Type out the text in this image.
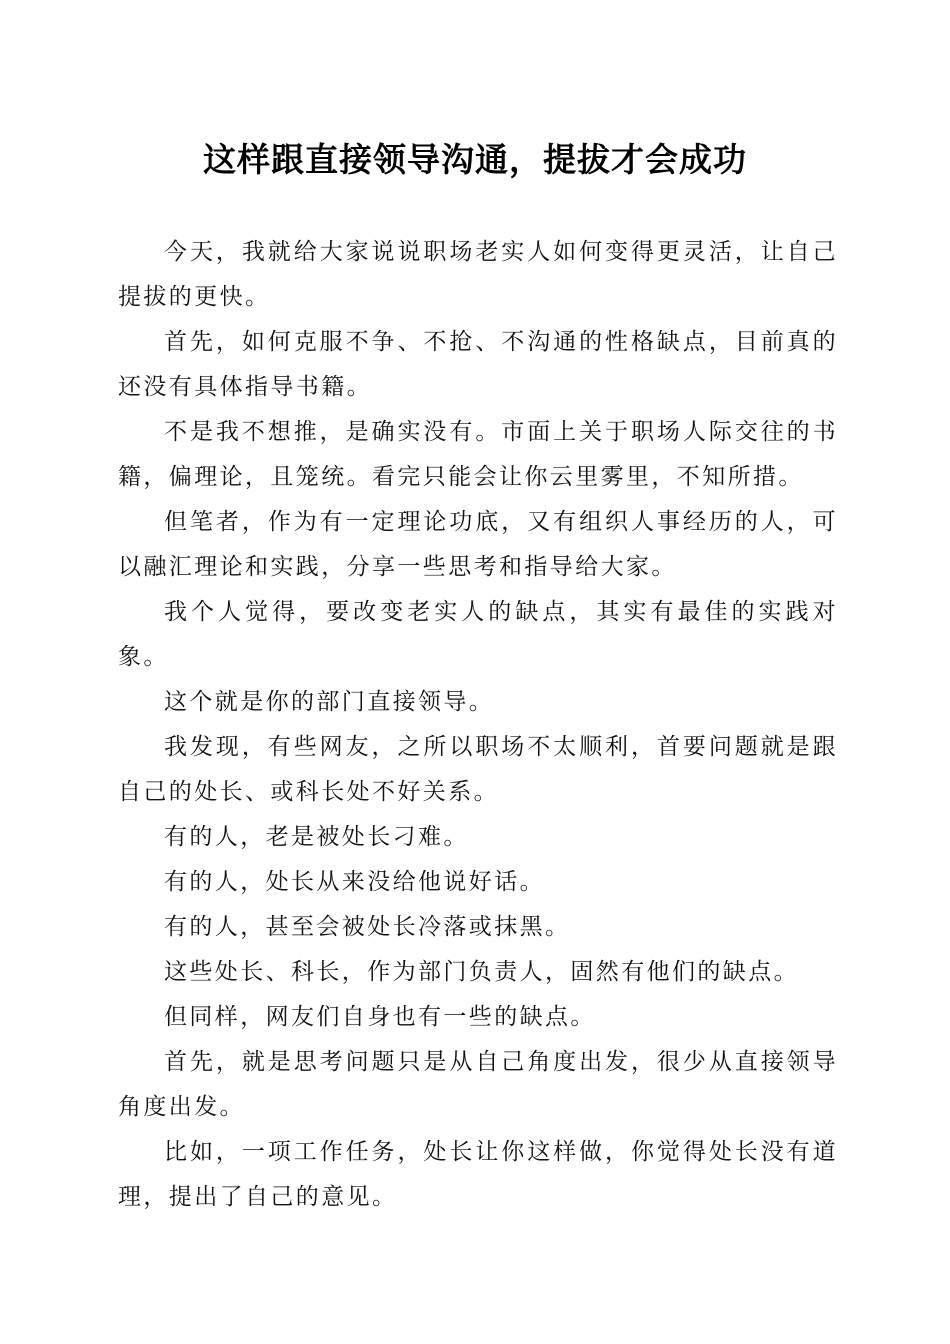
这样跟直接领导沟通，提拔才会成功

今天，我就给大家说说职场老实人如何变得更灵活，让自己提拔的更快。

首先，如何克服不争、不抢、不沟通的性格缺点，目前真的还没有具体指导书籍。

不是我不想推，是确实没有。市面上关于职场人际交往的书籍，偏理论，且笼统。看完只能会让你云里雾里，不知所措。

但笔者，作为有一定理论功底，又有组织人事经历的人，可以融汇理论和实践，分享一些思考和指导给大家。

我个人觉得，要改变老实人的缺点，其实有最佳的实践对象。

这个就是你的部门直接领导。

我发现，有些网友，之所以职场不太顺利，首要问题就是跟自己的处长、或科长处不好关系。

有的人，老是被处长刁难。

有的人，处长从来没给他说好话。

有的人，甚至会被处长冷落或抹黑。

这些处长、科长，作为部门负责人，固然有他们的缺点。

但同样，网友们自身也有一些的缺点。

首先，就是思考问题只是从自己角度出发，很少从直接领导角度出发。

比如，一项工作任务，处长让你这样做，你觉得处长没有道理，提出了自己的意见。
